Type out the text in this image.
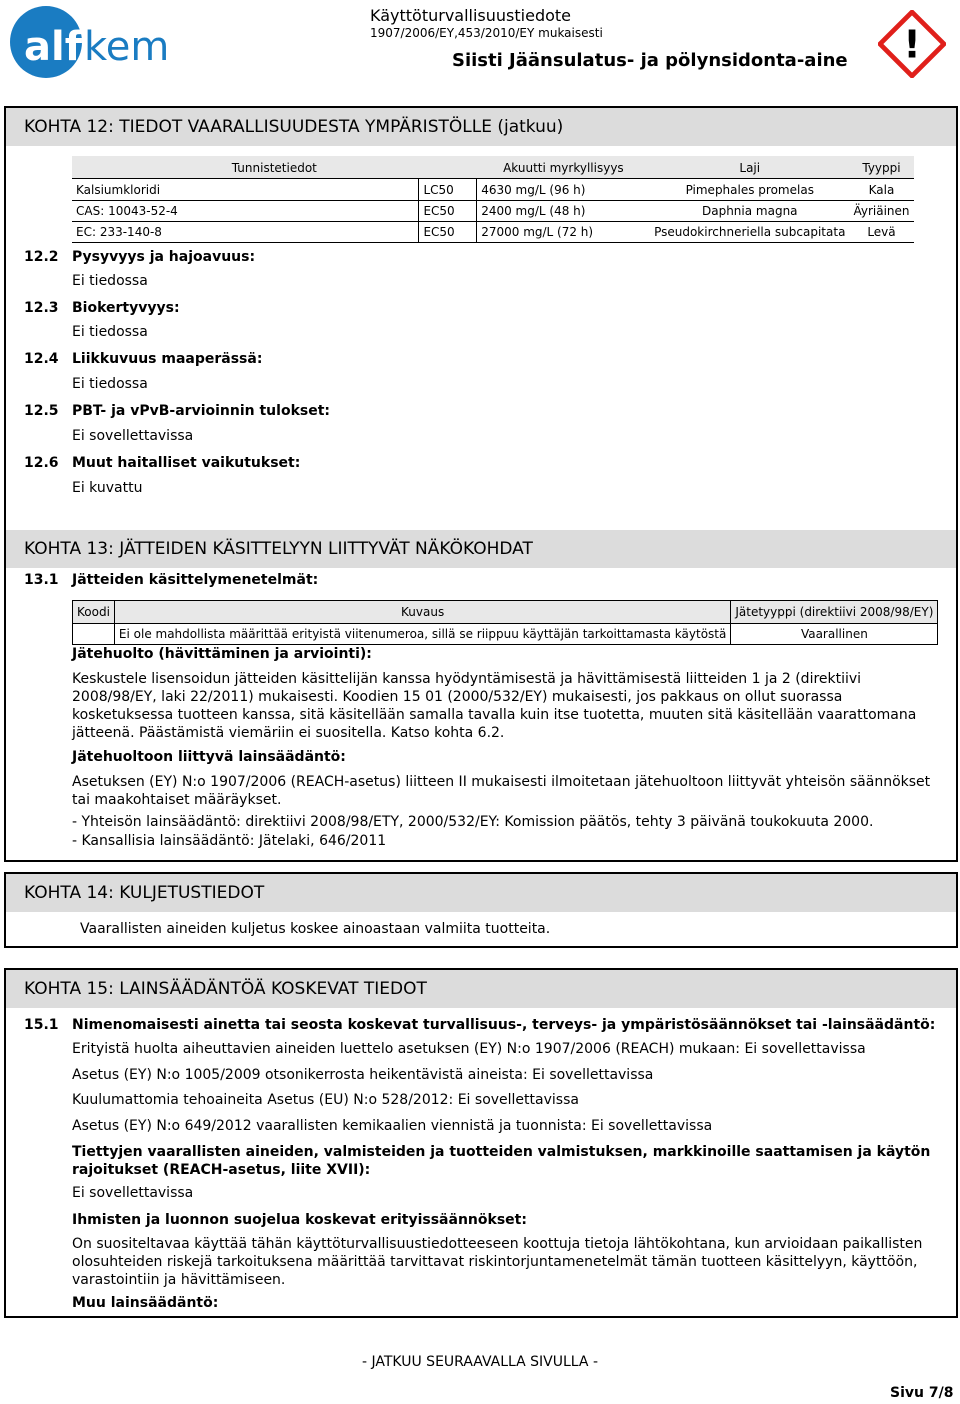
alfa
kem
Käyttöturvallisuustiedote
1907/2006/EY,453/2010/EY mukaisesti
Siisti Jäänsulatus- ja pölynsidonta-aine !
KOHTA 12: TIEDOT VAARALLISUUDESTA YMPÄRISTÖLLE (jatkuu)
Tunnistetiedot		Akuutti myrkyllisyys		Laji	Tyyppi
Kalsiumkloridi	LC50	4630 mg/L (96 h)		Pimephales promelas	Kala
CAS: 10043-52-4	EC50	2400 mg/L (48 h)		Daphnia magna	Äyriäinen
EC: 233-140-8	EC50	27000 mg/L (72 h)		Pseudokirchneriella subcapitata	Levä
12.2 Pysyvyys ja hajoavuus:
Ei tiedossa
12.3 Biokertyvyys:
Ei tiedossa
12.4 Liikkuvuus maaperässä:
Ei tiedossa
12.5 PBT- ja vPvB-arvioinnin tulokset:
Ei sovellettavissa
12.6 Muut haitalliset vaikutukset:
Ei kuvattu
KOHTA 13: JÄTTEIDEN KÄSITTELYYN LIITTYVÄT NÄKÖKOHDAT
13.1 Jätteiden käsittelymenetelmät:
Koodi	Kuvaus	Jätetyyppi (direktiivi 2008/98/EY)
	Ei ole mahdollista määrittää erityistä viitenumeroa, sillä se riippuu käyttäjän tarkoittamasta käytöstä	Vaarallinen
Jätehuolto (hävittäminen ja arviointi):
Keskustele lisensoidun jätteiden käsittelijän kanssa hyödyntämisestä ja hävittämisestä liitteiden 1 ja 2 (direktiivi 2008/98/EY, laki 22/2011) mukaisesti. Koodien 15 01 (2000/532/EY) mukaisesti, jos pakkaus on ollut suorassa kosketuksessa tuotteen kanssa, sitä käsitellään samalla tavalla kuin itse tuotetta, muuten sitä käsitellään vaarattomana jätteenä. Päästämistä viemäriin ei suositella. Katso kohta 6.2.
Jätehuoltoon liittyvä lainsäädäntö:
Asetuksen (EY) N:o 1907/2006 (REACH-asetus) liitteen II mukaisesti ilmoitetaan jätehuoltoon liittyvät yhteisön säännökset tai maakohtaiset määräykset.
- Yhteisön lainsäädäntö: direktiivi 2008/98/ETY, 2000/532/EY: Komission päätös, tehty 3 päivänä toukokuuta 2000.
- Kansallisia lainsäädäntö: Jätelaki, 646/2011
KOHTA 14: KULJETUSTIEDOT
Vaarallisten aineiden kuljetus koskee ainoastaan valmiita tuotteita.
KOHTA 15: LAINSÄÄDÄNTÖÄ KOSKEVAT TIEDOT
15.1 Nimenomaisesti ainetta tai seosta koskevat turvallisuus-, terveys- ja ympäristösäännökset tai -lainsäädäntö:
Erityistä huolta aiheuttavien aineiden luettelo asetuksen (EY) N:o 1907/2006 (REACH) mukaan: Ei sovellettavissa
Asetus (EY) N:o 1005/2009 otsonikerrosta heikentävistä aineista: Ei sovellettavissa
Kuulumattomia tehoaineita Asetus (EU) N:o 528/2012: Ei sovellettavissa
Asetus (EY) N:o 649/2012 vaarallisten kemikaalien viennistä ja tuonnista: Ei sovellettavissa
Tiettyjen vaarallisten aineiden, valmisteiden ja tuotteiden valmistuksen, markkinoille saattamisen ja käytön rajoitukset (REACH-asetus, liite XVII):
Ei sovellettavissa
Ihmisten ja luonnon suojelua koskevat erityissäännökset:
On suositeltavaa käyttää tähän käyttöturvallisuustiedotteeseen koottuja tietoja lähtökohtana, kun arvioidaan paikallisten olosuhteiden riskejä tarkoituksena määrittää tarvittavat riskintorjuntamenetelmät tämän tuotteen käsittelyyn, käyttöön, varastointiin ja hävittämiseen.
Muu lainsäädäntö:
- JATKUU SEURAAVALLA SIVULLA -
Sivu 7/8
